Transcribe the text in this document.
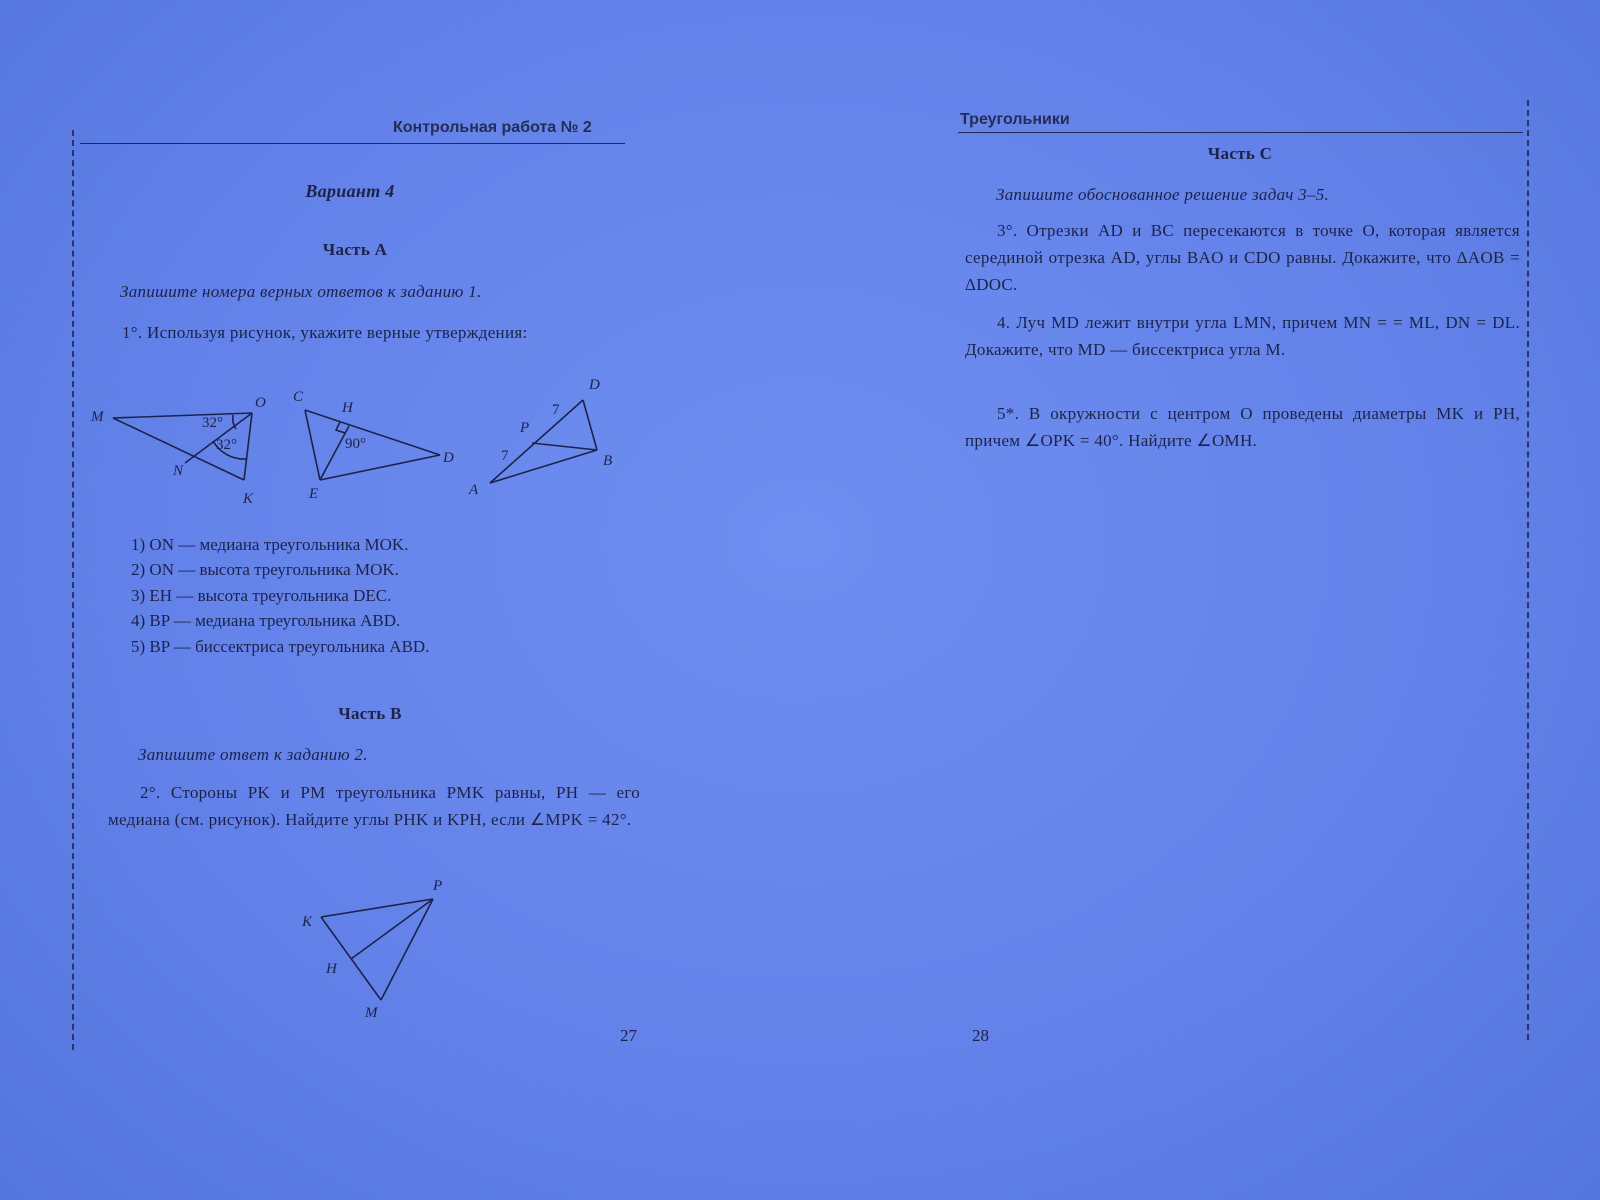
Контрольная работа № 2
Вариант 4
Часть A
Запишите номера верных ответов к заданию 1.
1°. Используя рисунок, укажите верные утверждения:
M
O
N
K
32°
32°
C
H
D
E
90°
D
7
P
7	B
A
1) ON — медиана треугольника MOK.
2) ON — высота треугольника MOK.
3) EH — высота треугольника DEC.
4) BP — медиана треугольника ABD.
5) BP — биссектриса треугольника ABD.
Часть B
Запишите ответ к заданию 2.
2°. Стороны PK и PM треугольника PMK равны, PH — его медиана (см. рисунок). Найдите углы PHK и KPH, если ∠MPK = 42°.
P
K
H
M
27
Треугольники
Часть C
Запишите обоснованное решение задач 3–5.
3°. Отрезки AD и BC пересекаются в точке O, которая является серединой отрезка AD, углы BAO и CDO равны. Докажите, что ΔAOB = ΔDOC.
4. Луч MD лежит внутри угла LMN, причем MN = = ML, DN = DL. Докажите, что MD — биссектриса угла M.
5*. В окружности с центром O проведены диаметры MK и PH, причем ∠OPK = 40°. Найдите ∠OMH.
28
